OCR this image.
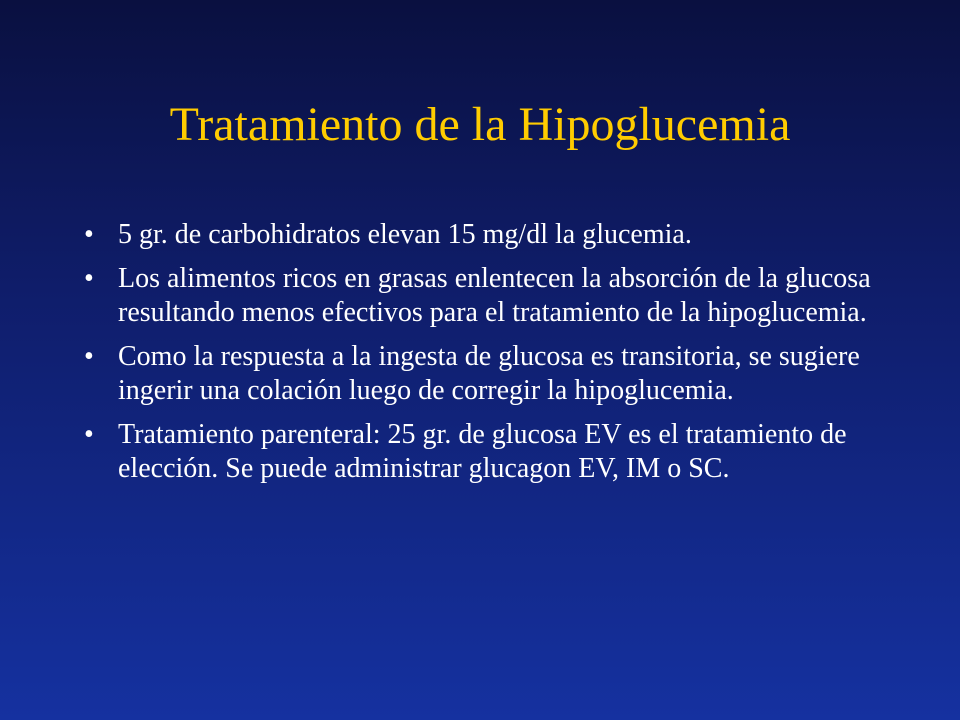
Tratamiento de la Hipoglucemia
• 5 gr. de carbohidratos elevan 15 mg/dl la glucemia.
• Los alimentos ricos en grasas enlentecen la absorción de la glucosa resultando menos efectivos para el tratamiento de la hipoglucemia.
• Como la respuesta a la ingesta de glucosa es transitoria, se sugiere ingerir una colación luego de corregir la hipoglucemia.
• Tratamiento parenteral: 25 gr. de glucosa EV es el tratamiento de elección. Se puede administrar glucagon EV, IM o SC.
